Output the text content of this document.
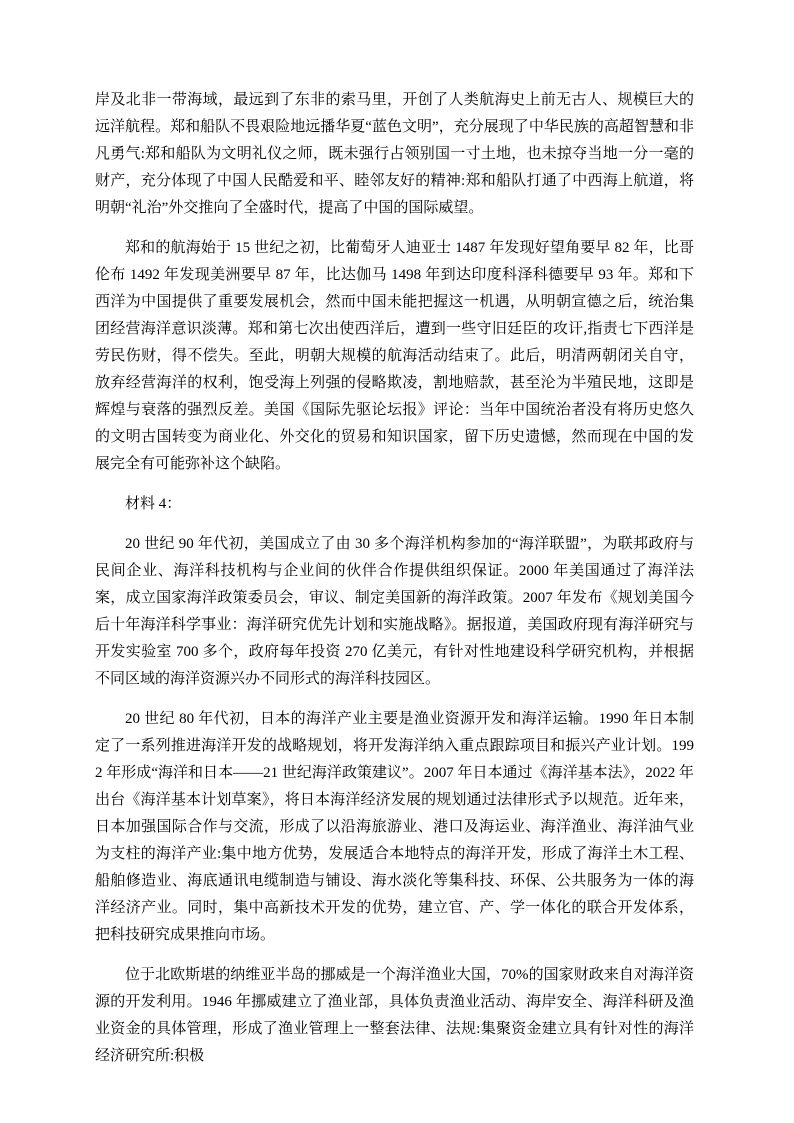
岸及北非一带海域，最远到了东非的索马里，开创了人类航海史上前无古人、规模巨大的远洋航程。郑和船队不畏艰险地远播华夏“蓝色文明”，充分展现了中华民族的高超智慧和非凡勇气:郑和船队为文明礼仪之师，既未强行占领别国一寸土地，也未掠夺当地一分一毫的财产，充分体现了中国人民酷爱和平、睦邻友好的精神:郑和船队打通了中西海上航道，将明朝“礼治”外交推向了全盛时代，提高了中国的国际威望。

郑和的航海始于 15 世纪之初，比葡萄牙人迪亚士 1487 年发现好望角要早 82 年，比哥伦布 1492 年发现美洲要早 87 年，比达伽马 1498 年到达印度科泽科德要早 93 年。郑和下西洋为中国提供了重要发展机会，然而中国未能把握这一机遇，从明朝宣德之后，统治集团经营海洋意识淡薄。郑和第七次出使西洋后，遭到一些守旧廷臣的攻讦,指责七下西洋是劳民伤财，得不偿失。至此，明朝大规模的航海活动结束了。此后，明清两朝闭关自守，放弃经营海洋的权利，饱受海上列强的侵略欺凌，割地赔款，甚至沦为半殖民地，这即是辉煌与衰落的强烈反差。美国《国际先驱论坛报》评论：当年中国统治者没有将历史悠久的文明古国转变为商业化、外交化的贸易和知识国家，留下历史遗憾，然而现在中国的发展完全有可能弥补这个缺陷。

材料 4：

20 世纪 90 年代初，美国成立了由 30 多个海洋机构参加的“海洋联盟”，为联邦政府与民间企业、海洋科技机构与企业间的伙伴合作提供组织保证。2000 年美国通过了海洋法案，成立国家海洋政策委员会，审议、制定美国新的海洋政策。2007 年发布《规划美国今后十年海洋科学事业：海洋研究优先计划和实施战略》。据报道，美国政府现有海洋研究与开发实验室 700 多个，政府每年投资 270 亿美元，有针对性地建设科学研究机构，并根据不同区域的海洋资源兴办不同形式的海洋科技园区。

20 世纪 80 年代初，日本的海洋产业主要是渔业资源开发和海洋运输。1990 年日本制定了一系列推进海洋开发的战略规划，将开发海洋纳入重点跟踪项目和振兴产业计划。1992 年形成“海洋和日本——21 世纪海洋政策建议”。2007 年日本通过《海洋基本法》，2022 年出台《海洋基本计划草案》，将日本海洋经济发展的规划通过法律形式予以规范。近年来，日本加强国际合作与交流，形成了以沿海旅游业、港口及海运业、海洋渔业、海洋油气业为支柱的海洋产业:集中地方优势，发展适合本地特点的海洋开发，形成了海洋土木工程、船舶修造业、海底通讯电缆制造与铺设、海水淡化等集科技、环保、公共服务为一体的海洋经济产业。同时，集中高新技术开发的优势，建立官、产、学一体化的联合开发体系，把科技研究成果推向市场。

位于北欧斯堪的纳维亚半岛的挪威是一个海洋渔业大国，70%的国家财政来自对海洋资源的开发利用。1946 年挪威建立了渔业部，具体负责渔业活动、海岸安全、海洋科研及渔业资金的具体管理，形成了渔业管理上一整套法律、法规:集聚资金建立具有针对性的海洋经济研究所:积极
